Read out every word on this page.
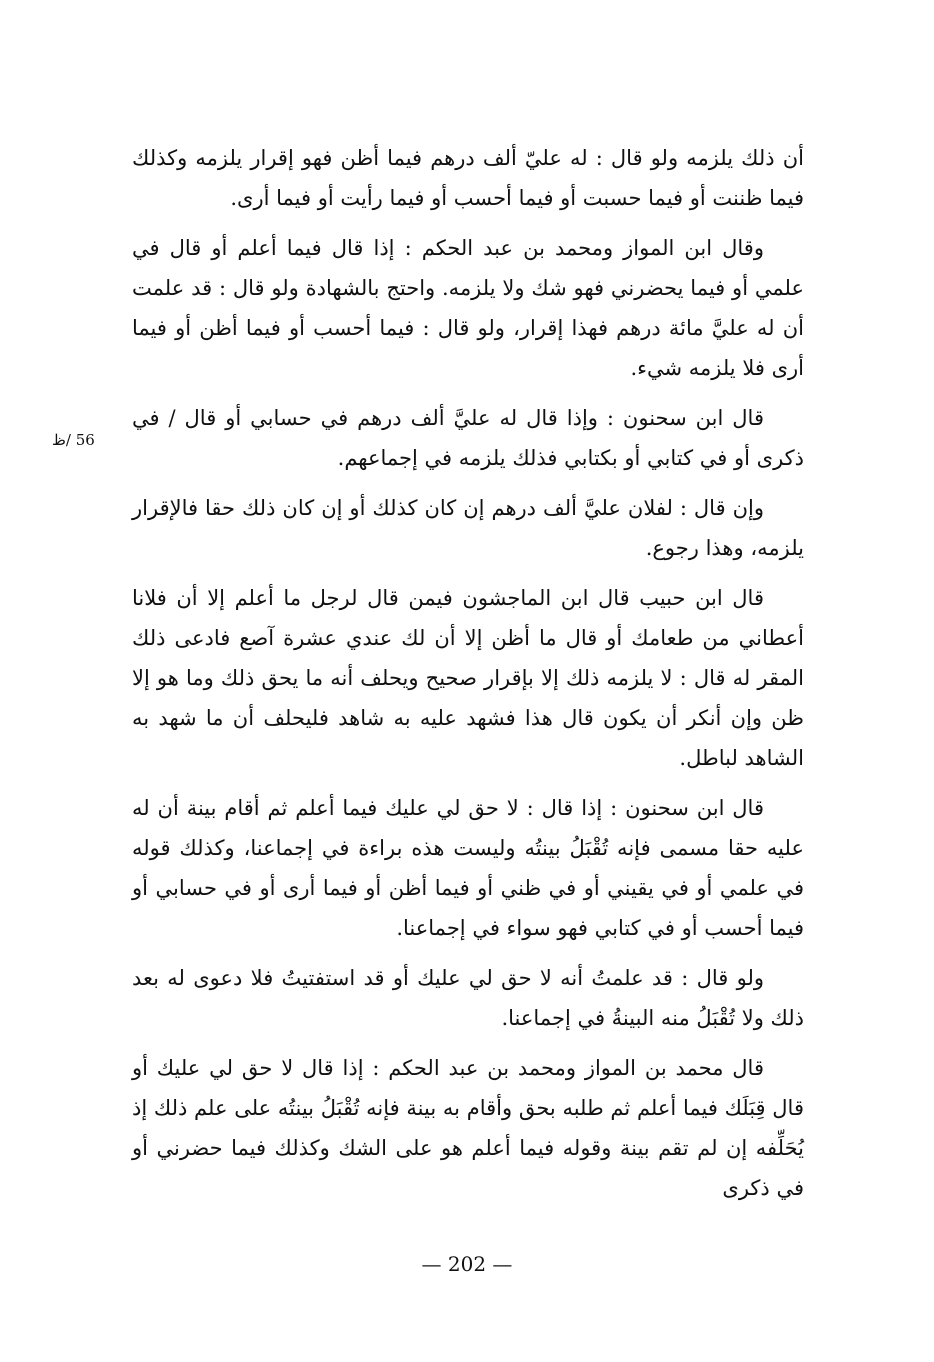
56 /ظ

أن ذلك يلزمه ولو قال : له عليّ ألف درهم فيما أظن فهو إقرار يلزمه وكذلك فيما ظننت أو فيما حسبت أو فيما أحسب أو فيما رأيت أو فيما أرى.

وقال ابن المواز ومحمد بن عبد الحكم : إذا قال فيما أعلم أو قال في علمي أو فيما يحضرني فهو شك ولا يلزمه. واحتج بالشهادة ولو قال : قد علمت أن له عليَّ مائة درهم فهذا إقرار، ولو قال : فيما أحسب أو فيما أظن أو فيما أرى فلا يلزمه شيء.

قال ابن سحنون : وإذا قال له عليَّ ألف درهم في حسابي أو قال / في ذكرى أو في كتابي أو بكتابي فذلك يلزمه في إجماعهم.

وإن قال : لفلان عليَّ ألف درهم إن كان كذلك أو إن كان ذلك حقا فالإقرار يلزمه، وهذا رجوع.

قال ابن حبيب قال ابن الماجشون فيمن قال لرجل ما أعلم إلا أن فلانا أعطاني من طعامك أو قال ما أظن إلا أن لك عندي عشرة آصع فادعى ذلك المقر له قال : لا يلزمه ذلك إلا بإقرار صحيح ويحلف أنه ما يحق ذلك وما هو إلا ظن وإن أنكر أن يكون قال هذا فشهد عليه به شاهد فليحلف أن ما شهد به الشاهد لباطل.

قال ابن سحنون : إذا قال : لا حق لي عليك فيما أعلم ثم أقام بينة أن له عليه حقا مسمى فإنه تُقْبَلُ بينتُه وليست هذه براءة في إجماعنا، وكذلك قوله في علمي أو في يقيني أو في ظني أو فيما أظن أو فيما أرى أو في حسابي أو فيما أحسب أو في كتابي فهو سواء في إجماعنا.

ولو قال : قد علمتُ أنه لا حق لي عليك أو قد استفتيتُ فلا دعوى له بعد ذلك ولا تُقْبَلُ منه البينةُ في إجماعنا.

قال محمد بن المواز ومحمد بن عبد الحكم : إذا قال لا حق لي عليك أو قال قِبَلَك فيما أعلم ثم طلبه بحق وأقام به بينة فإنه تُقْبَلُ بينتُه على علم ذلك إذ يُحَلِّفه إن لم تقم بينة وقوله فيما أعلم هو على الشك وكذلك فيما حضرني أو في ذكرى

— 202 —
